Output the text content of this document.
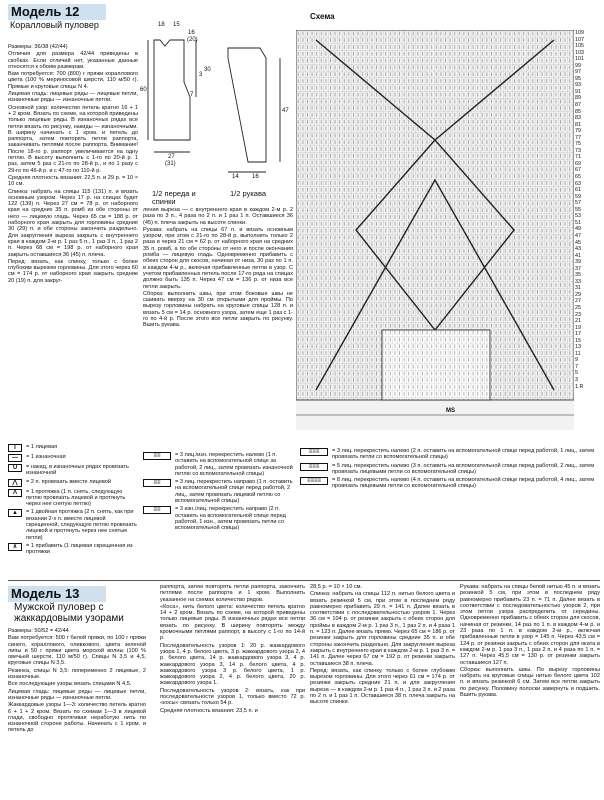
Модель 12
Коралловый пуловер

Размеры: 36/38 (42/44)

Отличия для размера 42/44 приведены в скобках. Если отличий нет, указанные данные относятся к обоим размерам.

Вам потребуется: 700 (800) г пряжи кораллового цвета (100 % мериносовой шерсти, 110 м/50 г). Прямые и круговые спицы N 4.

Лицевая гладь: лицевые ряды — лицевые петли, изнаночные ряды — изнаночные петли.

Основной узор: количество петель кратно 16 + 1 + 2 кром. Вязать по схеме, на которой приведены только лицевые ряды. В изнаночных рядах все петли вязать по рисунку, накиды — изнаночными. В ширину начинать с 1 кром. и петель до раппорта, затем повторять петли раппорта, заканчивать петлями после раппорта. Внимание! После 18-го р. раппорт увеличивается на одну петлю. В высоту выполнить с 1-го по 20-й р. 1 раз, затем 5 раз с 21-го по 28-й р., и по 1 разу с 29-го по 46-й р. и с 47-го по 110-й р.

Средняя плотность вязания: 22,5 п. и 29 р. = 10 × 10 см.

Спинка: набрать на спицы 115 (131) п. и вязать основным узором. Через 17 р. на спицах будет 122 (139) п. Через 27 см = 78 р. от наборного края на средних 35 п. ромб из обе стороны от него — лицевую гладь. Через 65 см = 188 р. от наборного края закрыть для горловины средние 30 (29) п. и обе стороны закончить раздельно. Для закругления выреза закрыть с внутреннего края в каждом 2-м р. 1 раз 5 п., 1 раз 3 п., 1 раз 2 п. Через 68 см = 198 р. от наборного края закрыть оставшиеся 36 (45) п. плеча.

Перед: вязать, как спинку, только с более глубоким вырезом горловины. Для этого через 60 см = 174 р. от наборного края закрыть средние 20 (19) п. для закруг-

18 15
16
(20)
60
3
7
30
47
27
(31)
14 16
1/2 переда и спинки
1/2 рукава
Схема
MS
109
107
105
103
101
99
97
95
93
91
89
87
85
83
81
79
77
75
73
71
69
67
65
63
61
59
57
55
53
51
49
47
45
43
41
39
37
35
33
31
29
27
25
23
21
19
17
15
13
11
9
7
5
3
1.R

ления выреза — с внутреннего края в каждом 2-м р. 2 раза по 3 п., 4 раза по 2 п. и 1 раз 1 п. Оставшиеся 36 (45) п. плеча закрыть на высоте спинки.

Рукава: набрать на спицы 67 п. и вязать основным узором, при этом с 21-го по 28-й р. выполнить только 2 раза и через 21 см = 62 р. от наборного края на средних 35 п. ромб, а по обе стороны от него и после окончания ромба — лицевую гладь. Одновременно прибавить с обеих сторон для скосов, начиная от низа, 30 раз по 1 п. в каждом 4-м р., включая прибавленные петли в узор. С учетом прибавленных петель после 17-го ряда на спицах должно быть 135 п. Через 47 см = 136 р. от низа все петли закрыть.

Сборка: выполнить швы, при этом боковые швы не сшивать вверху на 30 см открытыми для проймы. По вырезу горловины набрать на круговые спицы 128 п. и вязать 5 см = 14 р. основного узора, затем еще 1 раз с 1-го по 4-й р. После этого все петли закрыть по рисунку. Вшить рукава.

I	= 1 лицевая
—	= 1 изнаночная
U	= накид, в изнаночных рядах провязать изнаночной
⋀	= 2 п. провязать вместе лицевой
Λ	= 1 протяжка (1 п. снять, следующую петлю провязать лицевой и протянуть через нее снятую петлю)
▲	= 1 двойная протяжка (2 п. снять, как при вязании 2-х п. вместе лицевой скрещенной, следующую петлю провязать лицевой и протянуть через нее снятые петли)
⊼	= 1 прибавить (1 лицевая скрещенная из протяжки
≡≡	= 3 лиц./изн. перекрестить налево (1 п. оставить на вспомогательной спице за работой, 2 лиц., затем провязать изнаночной петлю со вспомогательной спицы)
≡≡	= 3 лиц. перекрестить направо (1 п. оставить на вспомогательной спице перед работой, 2 лиц., затем провязать лицевой петлю со вспомогательной спицы)
≡≡	= 3 изн./лиц. перекрестить направо (2 п. оставить на вспомогательной спице перед работой, 1 изн., затем провязать петли со вспомогательной спицы)
≡≡≡	= 3 лиц. перекрестить налево (2 п. оставить на вспомогательной спице перед работой, 1 лиц., затем провязать петли со вспомогательной спицы)
≡≡≡	= 5 лиц. перекрестить налево (3 п. оставить на вспомогательной спице перед работой, 2 лиц., затем провязать лицевыми петли со вспомогательной спицы)
≡≡≡≡	= 8 лиц. перекрестить налево (4 п. оставить на вспомогательной спице перед работой, 4 лиц., затем провязать лицевыми петли со вспомогательной спицы)
Модель 13
Мужской пуловер с жаккардовыми узорами

Размеры: 50/52 = 42/44

Вам потребуется: 500 г белой пряжи, по 100 г пряжи синего, кораллового, оливкового, цвета зеленой липы и 50 г пряжи цвета морской волны (100 % овечьей шерсти, 110 м/50 г). Спицы N 3,5 и 4,5, круговые спицы N 3,5.

Резинка, спицы N 3,5: попеременно 2 лицевые, 2 изнаночные.

Все последующие узоры вязать спицами N 4,5.

Лицевая гладь: лицевые ряды — лицевые петли, изнаночные ряды — изнаночные петли.

Жаккардовые узоры 1—3: количество петель кратно 6 + 1 + 2 кром. Вязать по схемам 1—3 в лицевой глади, свободно протягивая неработую нить по изнаночной стороне работы. Начинать с 1 кром. и петель до

раппорта, затем повторять петли раппорта, закончить петлями после раппорта и 1 кром. Выполнить указанное на схемах количество рядов.

«Коса», нить белого цвета: количество петель кратно 14 + 2 кром. Вязать по схеме, на которой приведены только лицевые ряды. В изнаночных рядах все петли вязать по рисунку. В ширину повторять между кромочными петлями раппорт, в высоту с 1-го по 14-й р.

Последовательность узоров 1: 20 р. жаккардового узора 1, 4 р. белого цвета, 3 р. жаккардового узора 2, 4 р. белого цвета, 14 р. жаккардового узора 3, 4 р. жаккардового узора 3, 14 р. белого цвета, 4 р. жаккардового узора 3 р. белого цвета, 1 р. жаккардового узора 2, 4 р. белого цвета, 20 р. жаккардового узора 1.

Последовательность узоров 2: вязать, как при последовательности узоров 1, только вместо 72 р. «косы» связать только 54 р.

Средняя плотность вязания: 23,5 п. и

28,5 р. = 10 × 10 см.

Спинка: набрать на спицы 112 п. нитью белого цвета и вязать резинкой 5 см, при этом в последнем ряду равномерно прибавить 29 п. = 141 п. Далее вязать в соответствии с последовательностью узоров 1. Через 36 см = 104 р. от резинки закрыть с обеих сторон для проймы в каждом 2-м р. 1 раз 3 п., 1 раз 2 п. и 4 раза 1 п. = 123 п. Далее вязать прямо. Через 65 см = 186 р. от резинки закрыть для горловины средние 35 п. и обе стороны закончить раздельно. Для закругления выреза закрыть с внутреннего края в каждом 2-м р. 1 раз 3 п. = 141 п. Далее через 67 см = 192 р. от резинки закрыть оставшиеся 38 п. плеча.

Перед: вязать, как спинку, только с более глубоким вырезом горловины. Для этого через 61 см = 174 р. от резинки закрыть средние 21 п. и для закругления выреза — в каждом 2-м р. 1 раз 4 п., 1 раз 3 п. и 2 раза по 2 п. и 1 раз 1 п. Оставшиеся 38 п. плеча закрыть на высоте спинки.

Рукава: набрать на спицы белой нитью 45 п. и вязать резинкой 5 см, при этом в последнем ряду равномерно прибавить 23 п. = 71 п. Далее вязать в соответствии с последовательностью узоров 2, при этом петли узора распределить от середины. Одновременно прибавить с обеих сторон для скосов, начиная от резинки, 14 раз по 1 п. в каждом 4-м р. и 23 раза по 1 п. в каждом 2-м р., включая прибавленные петли в узор = 145 п. Через 43,5 см = 124 р. от резинки закрыть с обеих сторон для оката в каждом 2-м р. 1 раз 3 п., 1 раз 2 п. и 4 раза по 1 п. = 127 п. Через 45,5 см = 130 р. от резинки закрыть оставшиеся 127 п.

Сборка: выполнить швы. По вырезу горловины набрать на круговые спицы нитью белого цвета 102 п. и вязать резинкой 6 см. Затем все петли закрыть по рисунку. Половину полоски завернуть и подшить. Вшить рукава.
